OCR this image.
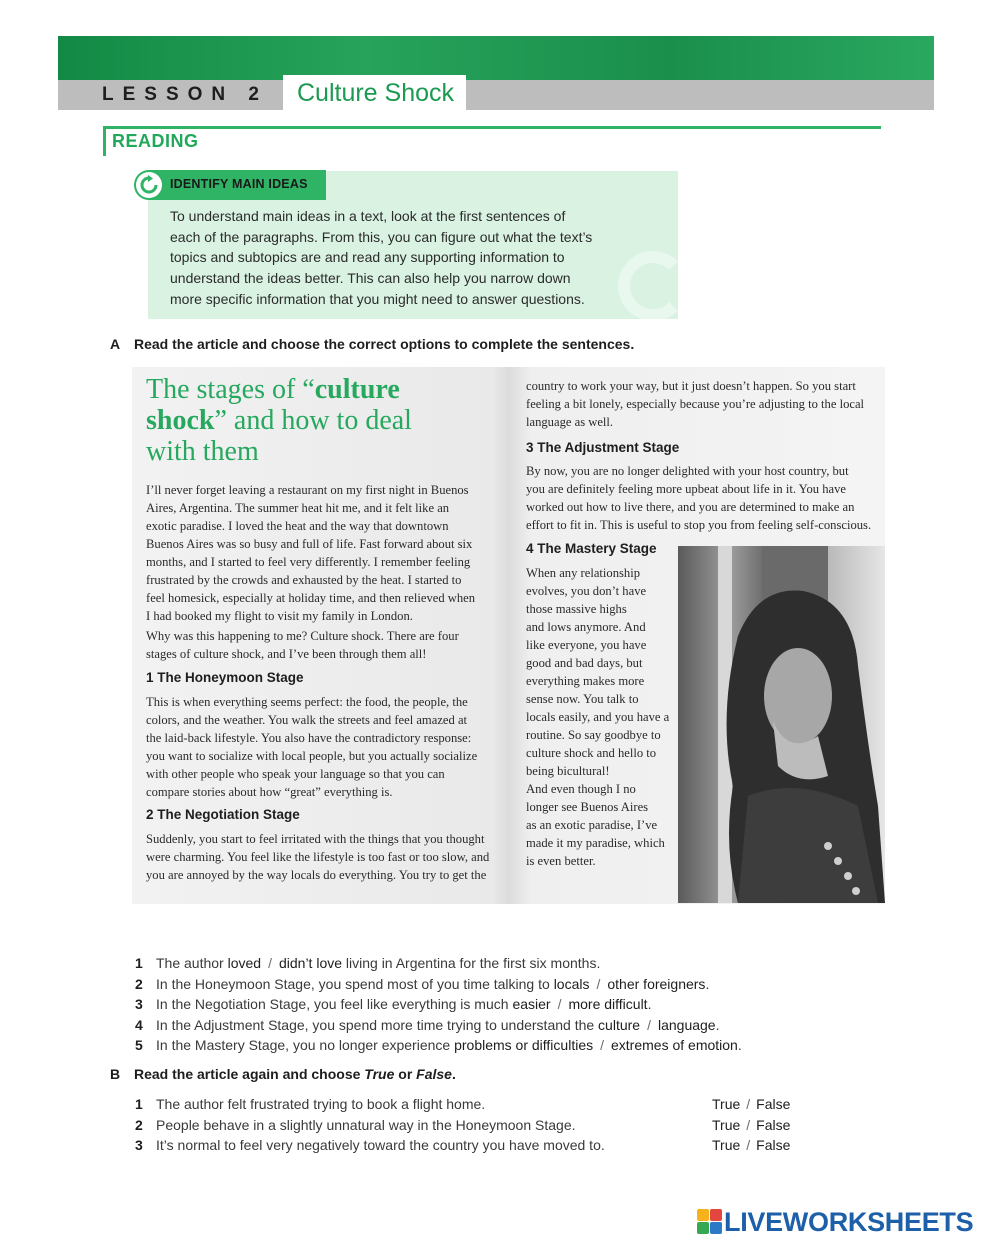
LESSON 2 Culture Shock
READING
IDENTIFY MAIN IDEAS
To understand main ideas in a text, look at the first sentences of
each of the paragraphs. From this, you can figure out what the text’s
topics and subtopics are and read any supporting information to
understand the ideas better. This can also help you narrow down
more specific information that you might need to answer questions.
A Read the article and choose the correct options to complete the sentences.
The stages of “culture
shock” and how to deal
with them
I’ll never forget leaving a restaurant on my first night in Buenos
Aires, Argentina. The summer heat hit me, and it felt like an
exotic paradise. I loved the heat and the way that downtown
Buenos Aires was so busy and full of life. Fast forward about six
months, and I started to feel very differently. I remember feeling
frustrated by the crowds and exhausted by the heat. I started to
feel homesick, especially at holiday time, and then relieved when
I had booked my flight to visit my family in London.
Why was this happening to me? Culture shock. There are four
stages of culture shock, and I’ve been through them all!
1 The Honeymoon Stage
This is when everything seems perfect: the food, the people, the
colors, and the weather. You walk the streets and feel amazed at
the laid-back lifestyle. You also have the contradictory response:
you want to socialize with local people, but you actually socialize
with other people who speak your language so that you can
compare stories about how “great” everything is.
2 The Negotiation Stage
Suddenly, you start to feel irritated with the things that you thought
were charming. You feel like the lifestyle is too fast or too slow, and
you are annoyed by the way locals do everything. You try to get the
country to work your way, but it just doesn’t happen. So you start
feeling a bit lonely, especially because you’re adjusting to the local
language as well.
3 The Adjustment Stage
By now, you are no longer delighted with your host country, but
you are definitely feeling more upbeat about life in it. You have
worked out how to live there, and you are determined to make an
effort to fit in. This is useful to stop you from feeling self-conscious.
4 The Mastery Stage
When any relationship
evolves, you don’t have
those massive highs
and lows anymore. And
like everyone, you have
good and bad days, but
everything makes more
sense now. You talk to
locals easily, and you have a
routine. So say goodbye to
culture shock and hello to
being bicultural!
And even though I no
longer see Buenos Aires
as an exotic paradise, I’ve
made it my paradise, which
is even better.
1 The author loved / didn’t love living in Argentina for the first six months.
2 In the Honeymoon Stage, you spend most of you time talking to locals / other foreigners.
3 In the Negotiation Stage, you feel like everything is much easier / more difficult.
4 In the Adjustment Stage, you spend more time trying to understand the culture / language.
5 In the Mastery Stage, you no longer experience problems or difficulties / extremes of emotion.
B Read the article again and choose True or False.
1 The author felt frustrated trying to book a flight home.	True / False
2 People behave in a slightly unnatural way in the Honeymoon Stage.	True / False
3 It’s normal to feel very negatively toward the country you have moved to.	True / False
LIVEWORKSHEETS
